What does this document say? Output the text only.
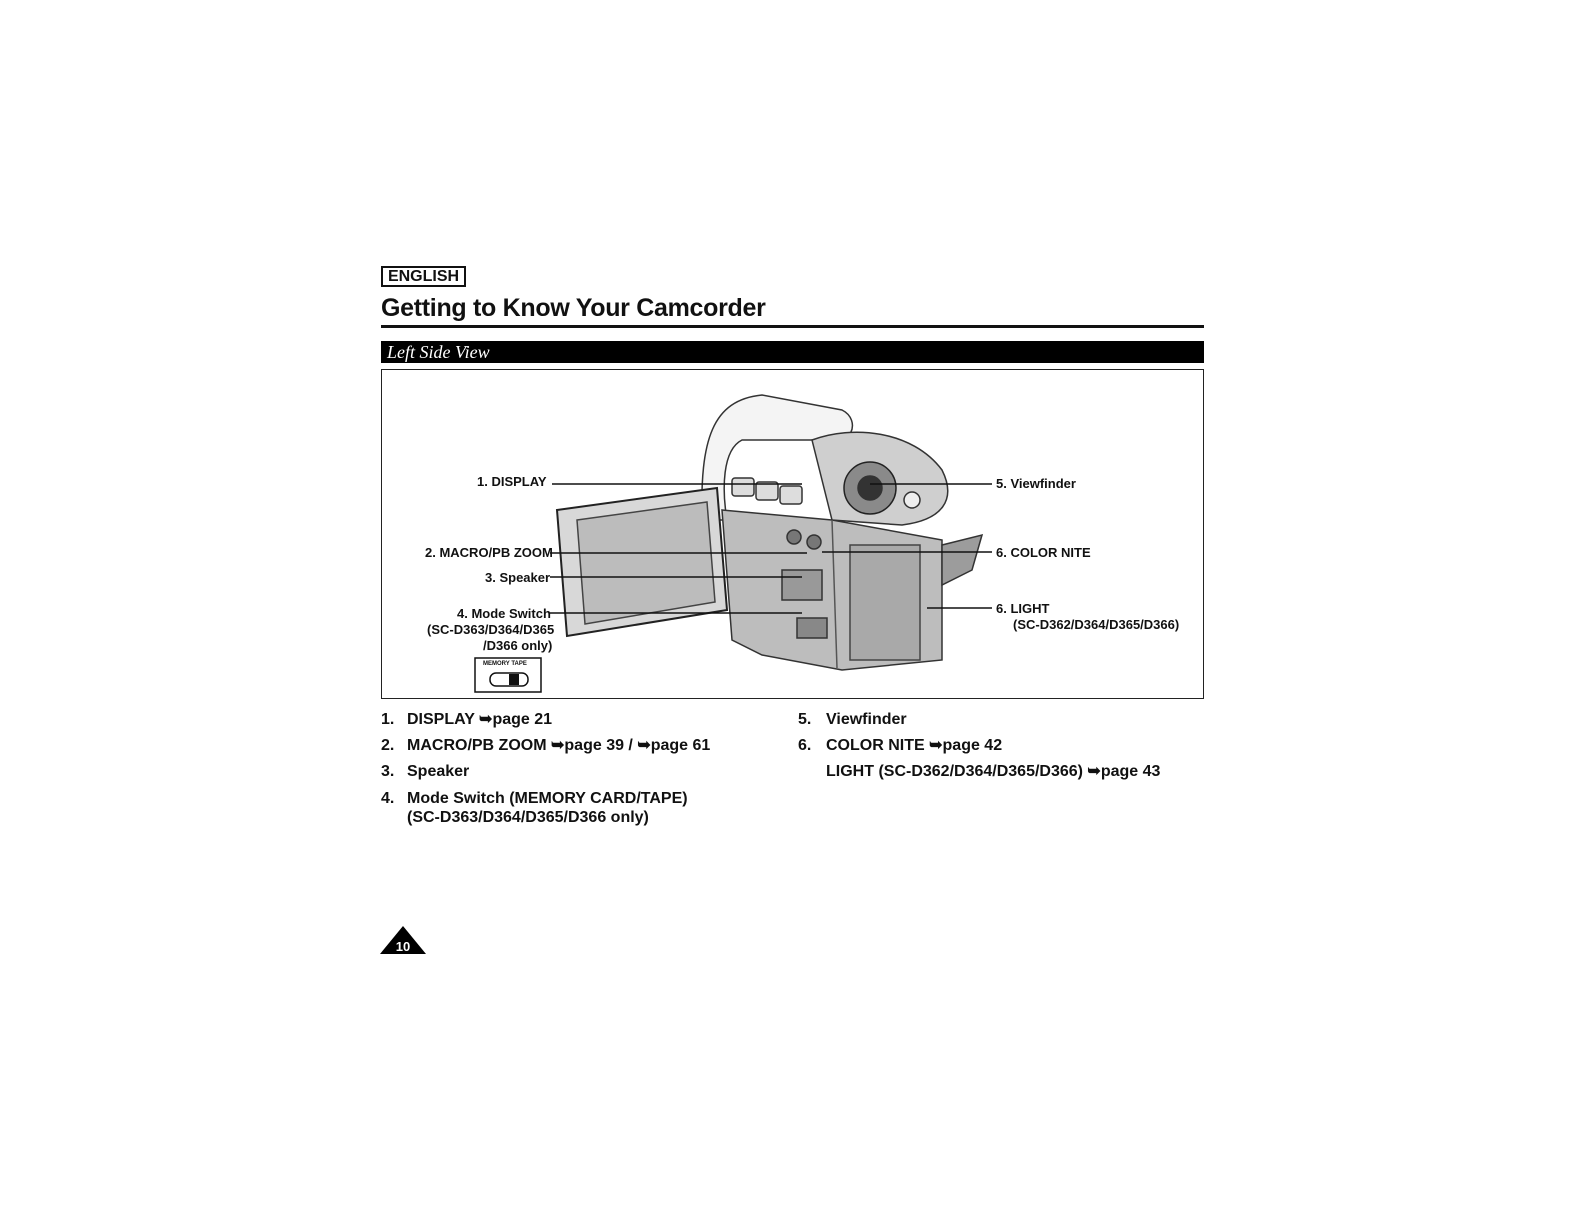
ENGLISH
Getting to Know Your Camcorder
Left Side View
1. DISPLAY
2. MACRO/PB ZOOM
3. Speaker
4. Mode Switch
(SC-D363/D364/D365
/D366 only)
MEMORY TAPE
5. Viewfinder
6. COLOR NITE
6. LIGHT
(SC-D362/D364/D365/D366)
1. DISPLAY ➥page 21
2. MACRO/PB ZOOM ➥page 39 / ➥page 61
3. Speaker
4. Mode Switch (MEMORY CARD/TAPE)
(SC-D363/D364/D365/D366 only)
5. Viewfinder
6. COLOR NITE ➥page 42
LIGHT (SC-D362/D364/D365/D366) ➥page 43
10
